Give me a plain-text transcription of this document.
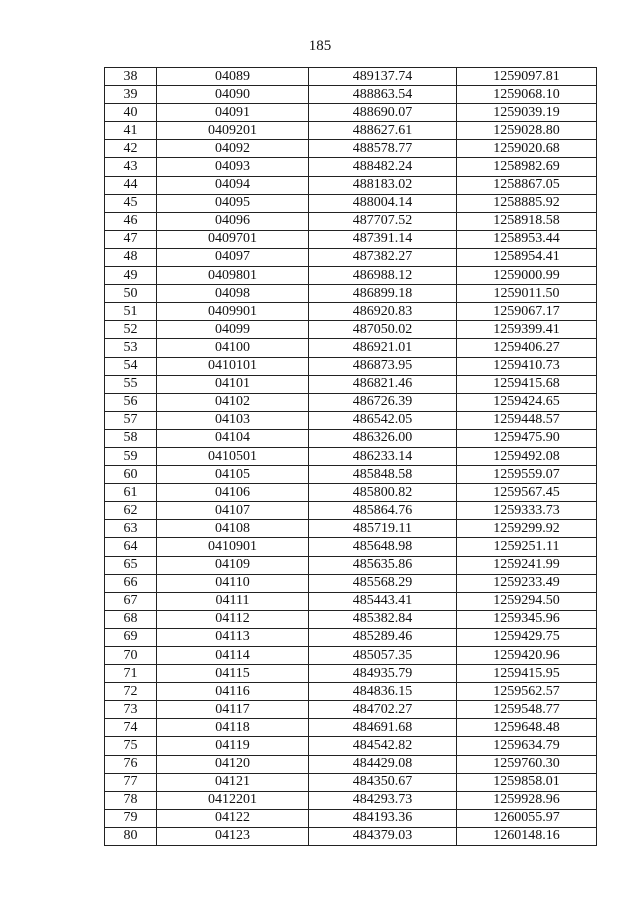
185
38	04089	489137.74	1259097.81
39	04090	488863.54	1259068.10
40	04091	488690.07	1259039.19
41	0409201	488627.61	1259028.80
42	04092	488578.77	1259020.68
43	04093	488482.24	1258982.69
44	04094	488183.02	1258867.05
45	04095	488004.14	1258885.92
46	04096	487707.52	1258918.58
47	0409701	487391.14	1258953.44
48	04097	487382.27	1258954.41
49	0409801	486988.12	1259000.99
50	04098	486899.18	1259011.50
51	0409901	486920.83	1259067.17
52	04099	487050.02	1259399.41
53	04100	486921.01	1259406.27
54	0410101	486873.95	1259410.73
55	04101	486821.46	1259415.68
56	04102	486726.39	1259424.65
57	04103	486542.05	1259448.57
58	04104	486326.00	1259475.90
59	0410501	486233.14	1259492.08
60	04105	485848.58	1259559.07
61	04106	485800.82	1259567.45
62	04107	485864.76	1259333.73
63	04108	485719.11	1259299.92
64	0410901	485648.98	1259251.11
65	04109	485635.86	1259241.99
66	04110	485568.29	1259233.49
67	04111	485443.41	1259294.50
68	04112	485382.84	1259345.96
69	04113	485289.46	1259429.75
70	04114	485057.35	1259420.96
71	04115	484935.79	1259415.95
72	04116	484836.15	1259562.57
73	04117	484702.27	1259548.77
74	04118	484691.68	1259648.48
75	04119	484542.82	1259634.79
76	04120	484429.08	1259760.30
77	04121	484350.67	1259858.01
78	0412201	484293.73	1259928.96
79	04122	484193.36	1260055.97
80	04123	484379.03	1260148.16
